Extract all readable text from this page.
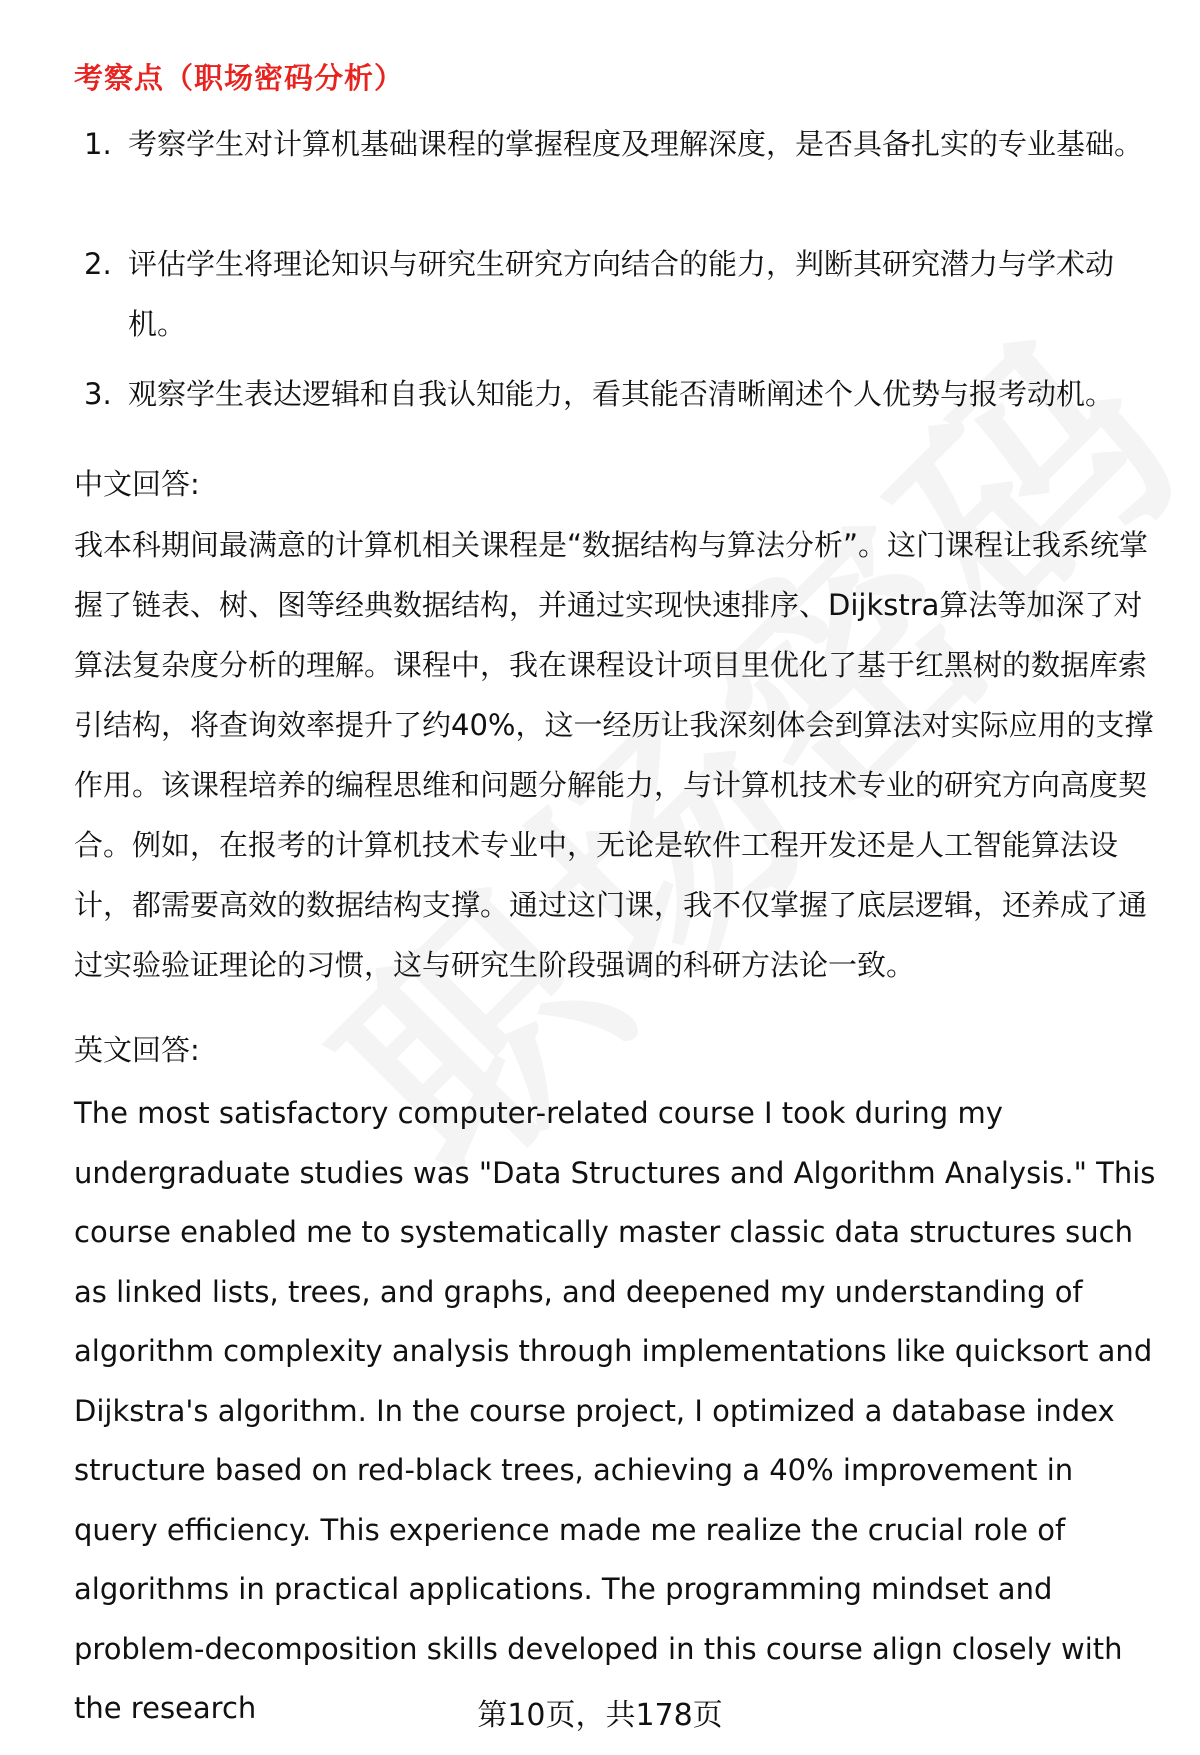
考察点（职场密码分析）
1. 考察学生对计算机基础课程的掌握程度及理解深度，是否具备扎实的专业基础。
2. 评估学生将理论知识与研究生研究方向结合的能力，判断其研究潜力与学术动机。
3. 观察学生表达逻辑和自我认知能力，看其能否清晰阐述个人优势与报考动机。
中文回答:
我本科期间最满意的计算机相关课程是“数据结构与算法分析”。这门课程让我系统掌握了链表、树、图等经典数据结构，并通过实现快速排序、Dijkstra算法等加深了对算法复杂度分析的理解。课程中，我在课程设计项目里优化了基于红黑树的数据库索引结构，将查询效率提升了约40%，这一经历让我深刻体会到算法对实际应用的支撑作用。该课程培养的编程思维和问题分解能力，与计算机技术专业的研究方向高度契合。例如，在报考的计算机技术专业中，无论是软件工程开发还是人工智能算法设计，都需要高效的数据结构支撑。通过这门课，我不仅掌握了底层逻辑，还养成了通过实验验证理论的习惯，这与研究生阶段强调的科研方法论一致。
英文回答:
The most satisfactory computer-related course I took during my undergraduate studies was "Data Structures and Algorithm Analysis." This course enabled me to systematically master classic data structures such as linked lists, trees, and graphs, and deepened my understanding of algorithm complexity analysis through implementations like quicksort and Dijkstra's algorithm. In the course project, I optimized a database index structure based on red-black trees, achieving a 40% improvement in query efficiency. This experience made me realize the crucial role of algorithms in practical applications. The programming mindset and problem-decomposition skills developed in this course align closely with the research	第10页，共178页
